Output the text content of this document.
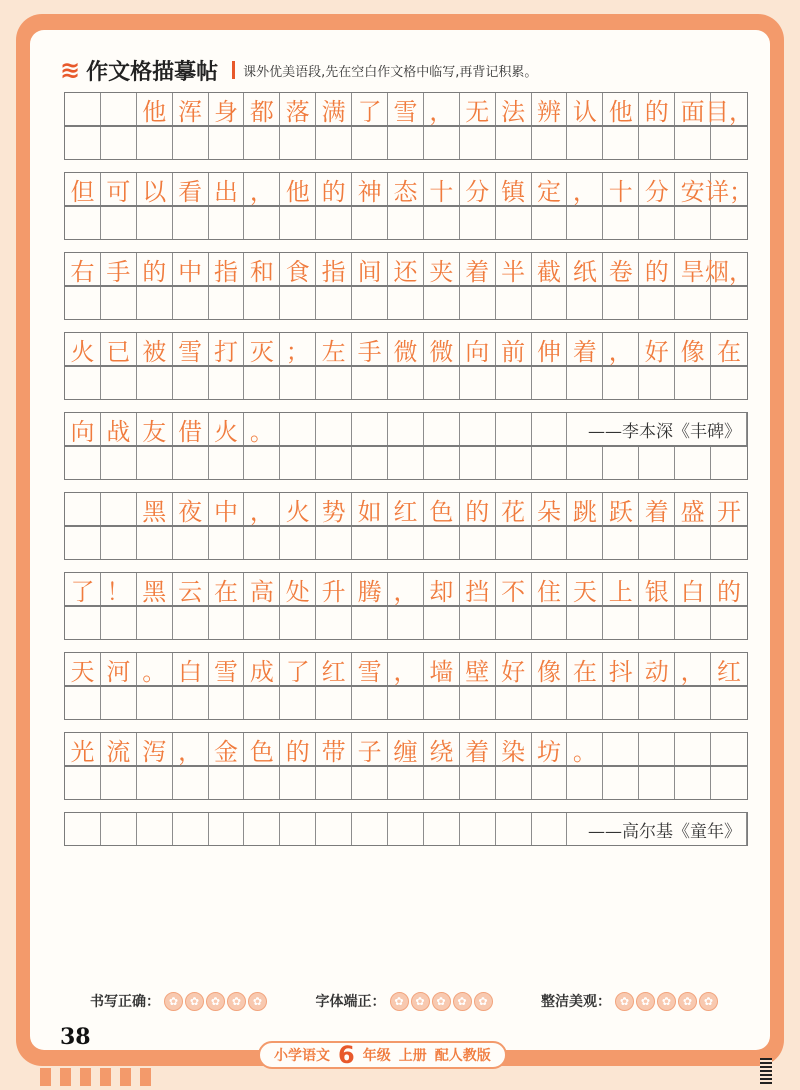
≋ 作文格描摹帖 课外优美语段,先在空白作文格中临写,再背记积累。
他 浑 身 都 落 满 了 雪 ， 无 法 辨 认 他 的 面 目，
但 可 以 看 出 ， 他 的 神 态 十 分 镇 定 ， 十 分 安 详；
右 手 的 中 指 和 食 指 间 还 夹 着 半 截 纸 卷 的 旱 烟，
火 已 被 雪 打 灭 ； 左 手 微 微 向 前 伸 着 ， 好 像 在
向 战 友 借 火 。	——李本深《丰碑》
黑 夜 中 ， 火 势 如 红 色 的 花 朵 跳 跃 着 盛 开
了 ！ 黑 云 在 高 处 升 腾 ， 却 挡 不 住 天 上 银 白 的
天 河 。 白 雪 成 了 红 雪 ， 墙 壁 好 像 在 抖 动 ， 红
光 流 泻 ， 金 色 的 带 子 缠 绕 着 染 坊 。
——高尔基《童年》
书写正确： ✿	✿	✿	✿	✿	字体端正： ✿	✿	✿	✿	✿	整洁美观： ✿	✿	✿	✿	✿
38
小学语文 6 年级 上册 配人教版
